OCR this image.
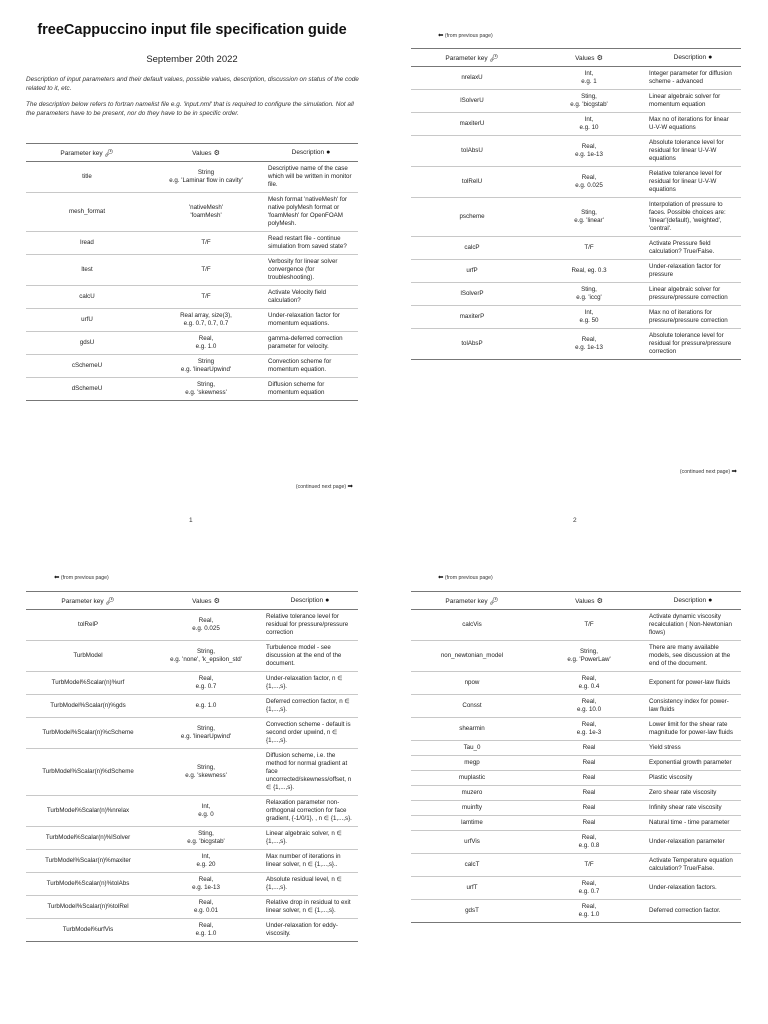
freeCappuccino input file specification guide
September 20th 2022

Description of input parameters and their default values, possible values, description, discussion on status of the code related to it, etc.

The description below refers to fortran namelist file e.g. 'input.nml' that is required to configure the simulation. Not all the parameters have to be present, nor do they have to be in specific order.

Parameter key 🔑︎	Values ⚙︎	Description ●
title	String
e.g. 'Laminar flow in cavity'	Descriptive name of the case which will be written in monitor file.
mesh_format	'nativeMesh'
'foamMesh'	Mesh format 'nativeMesh' for native polyMesh format or 'foamMesh' for OpenFOAM polyMesh.
lread	T/F	Read restart file - continue simulation from saved state?
ltest	T/F	Verbosity for linear solver convergence (for troubleshooting).
calcU	T/F	Activate Velocity field calculation?
urfU	Real array, size(3),
e.g. 0.7, 0.7, 0.7	Under-relaxation factor for momentum equations.
gdsU	Real,
e.g. 1.0	gamma-deferred correction parameter for velocity.
cSchemeU	String
e.g. 'linearUpwind'	Convection scheme for momentum equation.
dSchemeU	String,
e.g. 'skewness'	Diffusion scheme for momentum equation
(continued next page) ➡︎
1
⬅︎ (from previous page)
Parameter key 🔑︎	Values ⚙︎	Description ●
nrelaxU	Int,
e.g. 1	Integer parameter for diffusion scheme - advanced
lSolverU	Sting,
e.g. 'bicgstab'	Linear algebraic solver for momentum equation
maxiterU	Int,
e.g. 10	Max no of iterations for linear U-V-W equations
tolAbsU	Real,
e.g. 1e-13	Absolute tolerance level for residual for linear U-V-W equations
tolRelU	Real,
e.g. 0.025	Relative tolerance level for residual for linear U-V-W equations
pscheme	Sting,
e.g. 'linear'	Interpolation of pressure to faces. Possible choices are: 'linear'(default), 'weighted', 'central'.
calcP	T/F	Activate Pressure field calculation? True/False.
urfP	Real, eg. 0.3	Under-relaxation factor for pressure
lSolverP	Sting,
e.g. 'iccg'	Linear algebraic solver for pressure/pressure correction
maxiterP	Int,
e.g. 50	Max no of iterations for pressure/pressure correction
tolAbsP	Real,
e.g. 1e-13	Absolute tolerance level for residual for pressure/pressure correction
(continued next page) ➡︎
2
⬅︎ (from previous page)
Parameter key 🔑︎	Values ⚙︎	Description ●
tolRelP	Real,
e.g. 0.025	Relative tolerance level for residual for pressure/pressure correction
TurbModel	String,
e.g. 'none', 'k_epsilon_std'	Turbulence model - see discussion at the end of the document.
TurbModel%Scalar(n)%urf	Real,
e.g. 0.7	Under-relaxation factor, n ∈ {1,...,s}.
TurbModel%Scalar(n)%gds	e.g. 1.0	Deferred correction factor, n ∈ {1,...,s}.
TurbModel%Scalar(n)%cScheme	String,
e.g. 'linearUpwind'	Convection scheme - default is second order upwind, n ∈ {1,...,s}.
TurbModel%Scalar(n)%dScheme	String,
e.g. 'skewness'	Diffusion scheme, i.e. the method for normal gradient at face uncorrected/skewness/offset, n ∈ {1,...,s}.
TurbModel%Scalar(n)%nrelax	Int,
e.g. 0	Relaxation parameter non-orthogonal correction for face gradient, {-1/0/1}, , n ∈ {1,...,s}.
TurbModel%Scalar(n)%lSolver	Sting,
e.g. 'bicgstab'	Linear algebraic solver, n ∈ {1,...,s}.
TurbModel%Scalar(n)%maxiter	Int,
e.g. 20	Max number of iterations in linear solver, n ∈ {1,...,s}..
TurbModel%Scalar(n)%tolAbs	Real,
e.g. 1e-13	Absolute residual level, n ∈ {1,...,s}.
TurbModel%Scalar(n)%tolRel	Real,
e.g. 0.01	Relative drop in residual to exit linear solver, n ∈ {1,...,s}.
TurbModel%urfVis	Real,
e.g. 1.0	Under-relaxation for eddy-viscosity.
⬅︎ (from previous page)
Parameter key 🔑︎	Values ⚙︎	Description ●
calcVis	T/F	Activate dynamic viscosity recalculation ( Non-Newtonian flows)
non_newtonian_model	String,
e.g. 'PowerLaw'	There are many available models, see discussion at the end of the document.
npow	Real,
e.g. 0.4	Exponent for power-law fluids
Consst	Real,
e.g. 10.0	Consistency index for power-law fluids
shearmin	Real,
e.g. 1e-3	Lower limit for the shear rate magnitude for power-law fluids
Tau_0	Real	Yield stress
megp	Real	Exponential growth parameter
muplastic	Real	Plastic viscosity
muzero	Real	Zero shear rate viscosity
muinfty	Real	Infinity shear rate viscosity
lamtime	Real	Natural time - time parameter
urfVis	Real,
e.g. 0.8	Under-relaxation parameter
calcT	T/F	Activate Temperature equation calculation? True/False.
urfT	Real,
e.g. 0.7	Under-relaxation factors.
gdsT	Real,
e.g. 1.0	Deferred correction factor.
